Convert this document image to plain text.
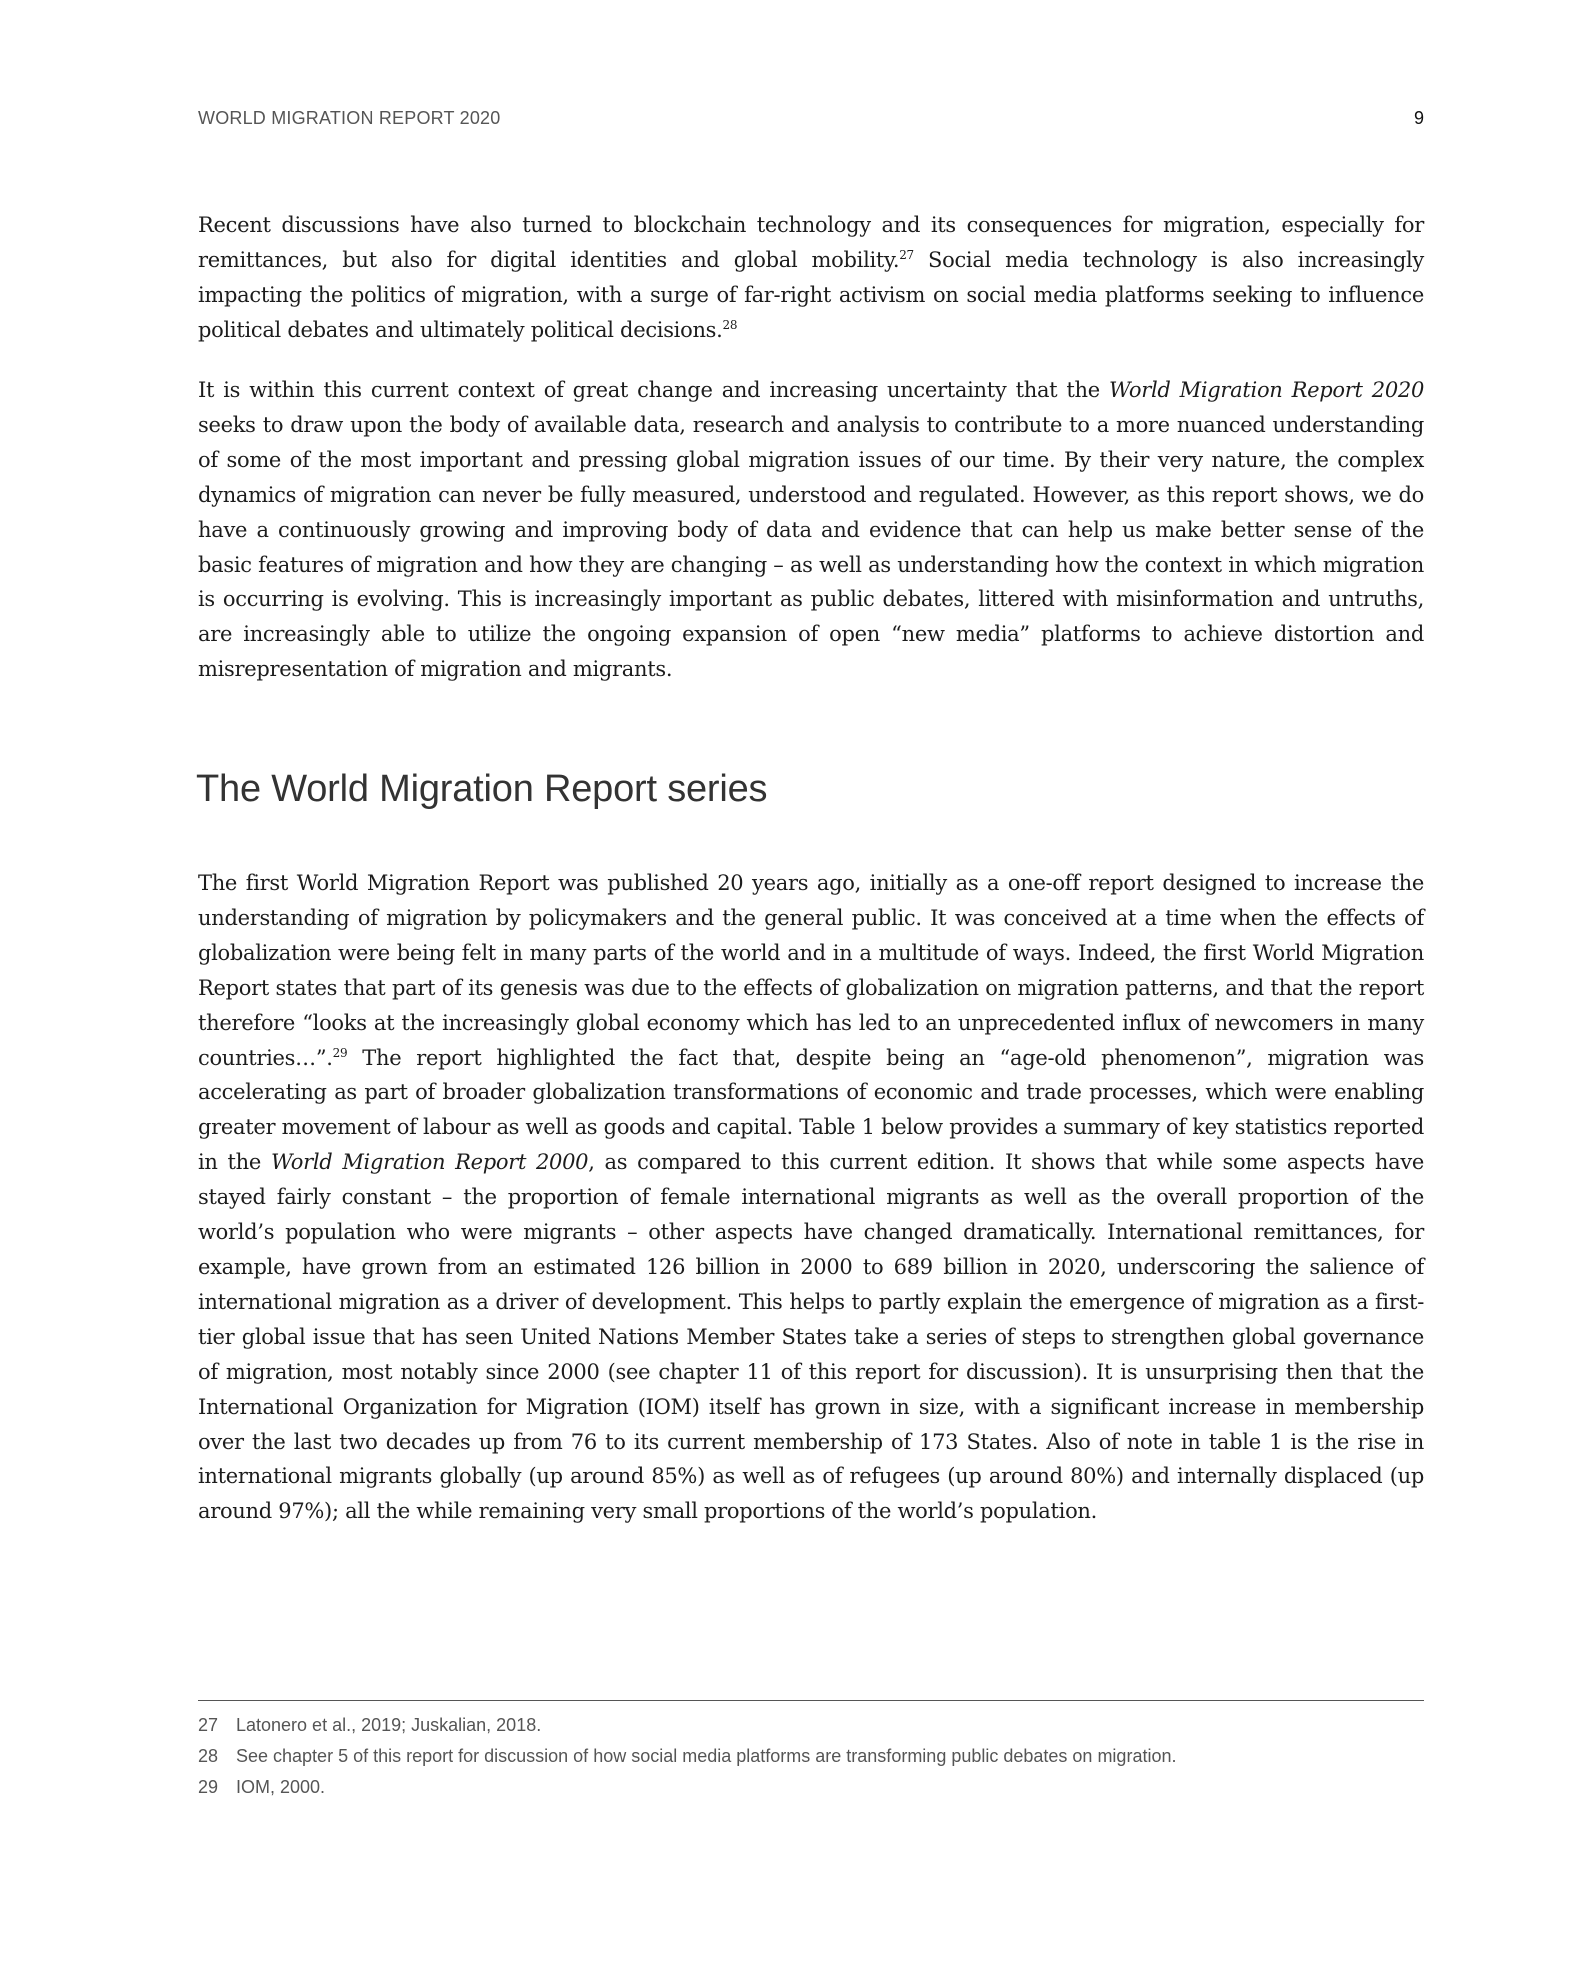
WORLD MIGRATION REPORT 2020	9

Recent discussions have also turned to blockchain technology and its consequences for migration, especially for remittances, but also for digital identities and global mobility.$^{27}$ Social media technology is also increasingly impacting the politics of migration, with a surge of far-right activism on social media platforms seeking to influence political debates and ultimately political decisions.$^{28}$

It is within this current context of great change and increasing uncertainty that the World Migration Report 2020 seeks to draw upon the body of available data, research and analysis to contribute to a more nuanced understanding of some of the most important and pressing global migration issues of our time. By their very nature, the complex dynamics of migration can never be fully measured, understood and regulated. However, as this report shows, we do have a continuously growing and improving body of data and evidence that can help us make better sense of the basic features of migration and how they are changing – as well as understanding how the context in which migration is occurring is evolving. This is increasingly important as public debates, littered with misinformation and untruths, are increasingly able to utilize the ongoing expansion of open “new media” platforms to achieve distortion and misrepresentation of migration and migrants.

The World Migration Report series

The first World Migration Report was published 20 years ago, initially as a one-off report designed to increase the understanding of migration by policymakers and the general public. It was conceived at a time when the effects of globalization were being felt in many parts of the world and in a multitude of ways. Indeed, the first World Migration Report states that part of its genesis was due to the effects of globalization on migration patterns, and that the report therefore “looks at the increasingly global economy which has led to an unprecedented influx of newcomers in many countries…”.$^{29}$ The report highlighted the fact that, despite being an “age-old phenomenon”, migration was accelerating as part of broader globalization transformations of economic and trade processes, which were enabling greater movement of labour as well as goods and capital. Table 1 below provides a summary of key statistics reported in the World Migration Report 2000, as compared to this current edition. It shows that while some aspects have stayed fairly constant – the proportion of female international migrants as well as the overall proportion of the world’s population who were migrants – other aspects have changed dramatically. International remittances, for example, have grown from an estimated 126 billion in 2000 to 689 billion in 2020, underscoring the salience of international migration as a driver of development. This helps to partly explain the emergence of migration as a first-tier global issue that has seen United Nations Member States take a series of steps to strengthen global governance of migration, most notably since 2000 (see chapter 11 of this report for discussion). It is unsurprising then that the International Organization for Migration (IOM) itself has grown in size, with a significant increase in membership over the last two decades up from 76 to its current membership of 173 States. Also of note in table 1 is the rise in international migrants globally (up around 85%) as well as of refugees (up around 80%) and internally displaced (up around 97%); all the while remaining very small proportions of the world’s population.

27 Latonero et al., 2019; Juskalian, 2018.
28 See chapter 5 of this report for discussion of how social media platforms are transforming public debates on migration.
29 IOM, 2000.
